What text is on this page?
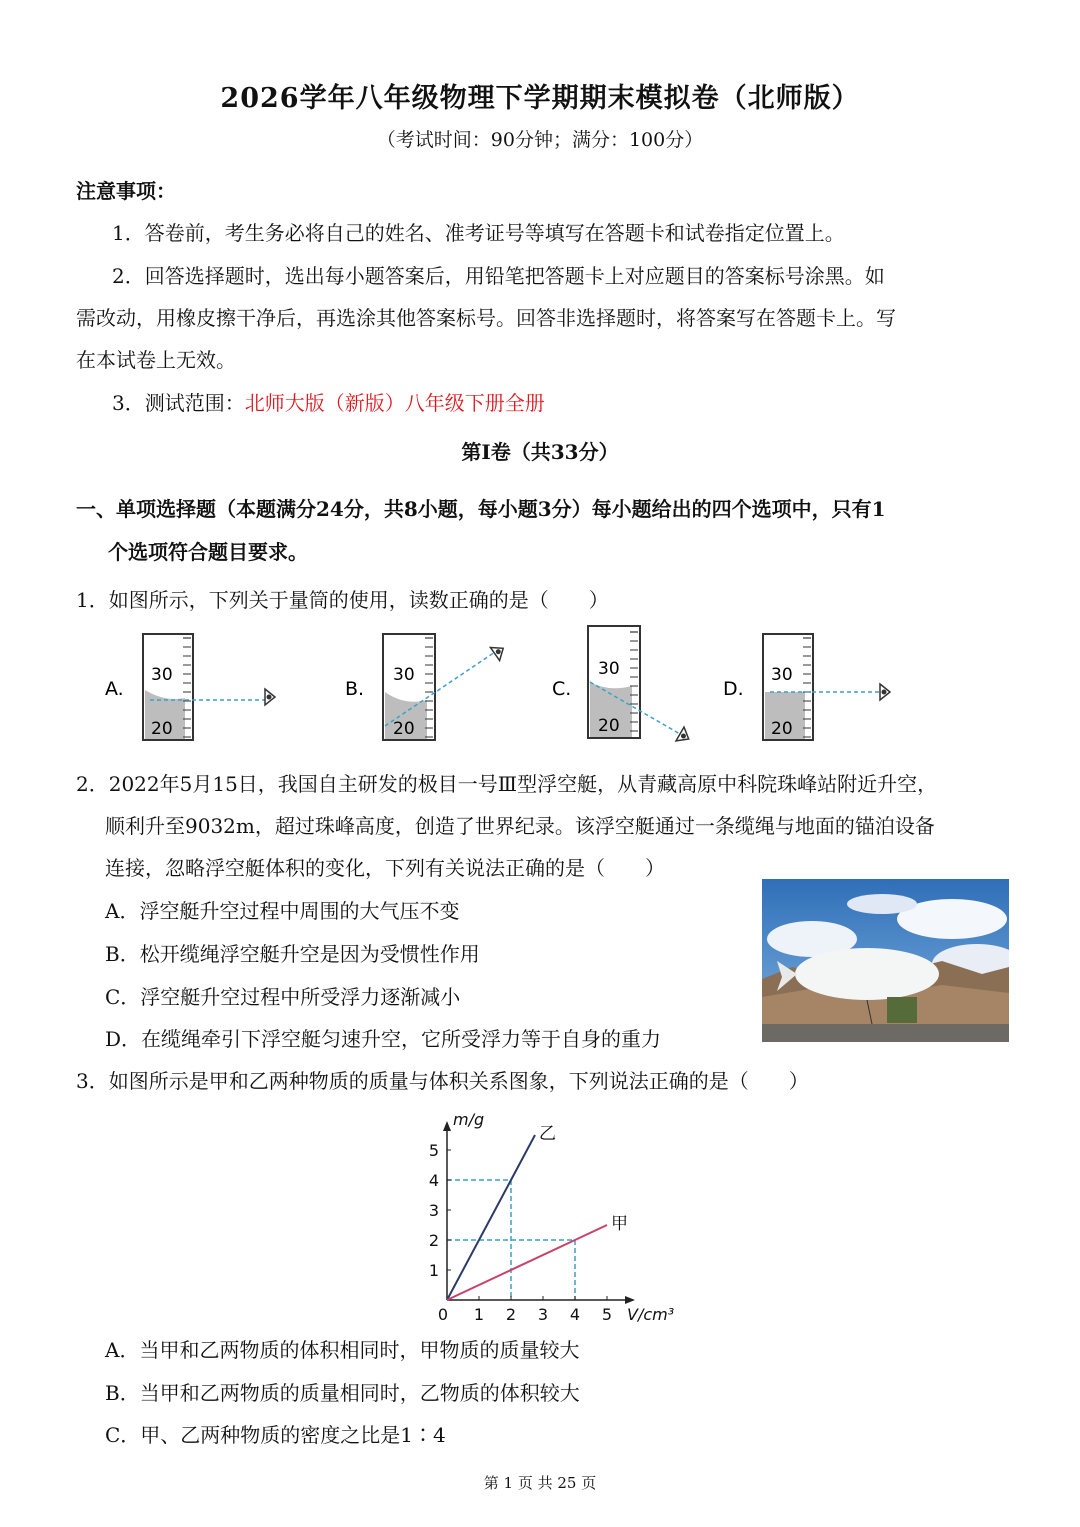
2026学年八年级物理下学期期末模拟卷（北师版）
（考试时间：90分钟；满分：100分）
注意事项：
1．答卷前，考生务必将自己的姓名、准考证号等填写在答题卡和试卷指定位置上。
2．回答选择题时，选出每小题答案后，用铅笔把答题卡上对应题目的答案标号涂黑。如
需改动，用橡皮擦干净后，再选涂其他答案标号。回答非选择题时，将答案写在答题卡上。写
在本试卷上无效。
3．测试范围：北师大版（新版）八年级下册全册
第Ⅰ卷（共33分）
一、单项选择题（本题满分24分，共8小题，每小题3分）每小题给出的四个选项中，只有1
个选项符合题目要求。
1．如图所示，下列关于量筒的使用，读数正确的是（　　）
A.
30
20
B.
30
20
C.
30
20
D.
30
20
2．2022年5月15日，我国自主研发的极目一号Ⅲ型浮空艇，从青藏高原中科院珠峰站附近升空，
顺利升至9032m，超过珠峰高度，创造了世界纪录。该浮空艇通过一条缆绳与地面的锚泊设备
连接，忽略浮空艇体积的变化，下列有关说法正确的是（　　）
A．浮空艇升空过程中周围的大气压不变
B．松开缆绳浮空艇升空是因为受惯性作用
C．浮空艇升空过程中所受浮力逐渐减小
D．在缆绳牵引下浮空艇匀速升空，它所受浮力等于自身的重力
3．如图所示是甲和乙两种物质的质量与体积关系图象，下列说法正确的是（　　）
0 1 2 3 4 5
1
2
3
4
5
m/g
V/cm³
乙
甲
A．当甲和乙两物质的体积相同时，甲物质的质量较大
B．当甲和乙两物质的质量相同时，乙物质的体积较大
C．甲、乙两种物质的密度之比是1∶4
第 1 页 共 25 页
